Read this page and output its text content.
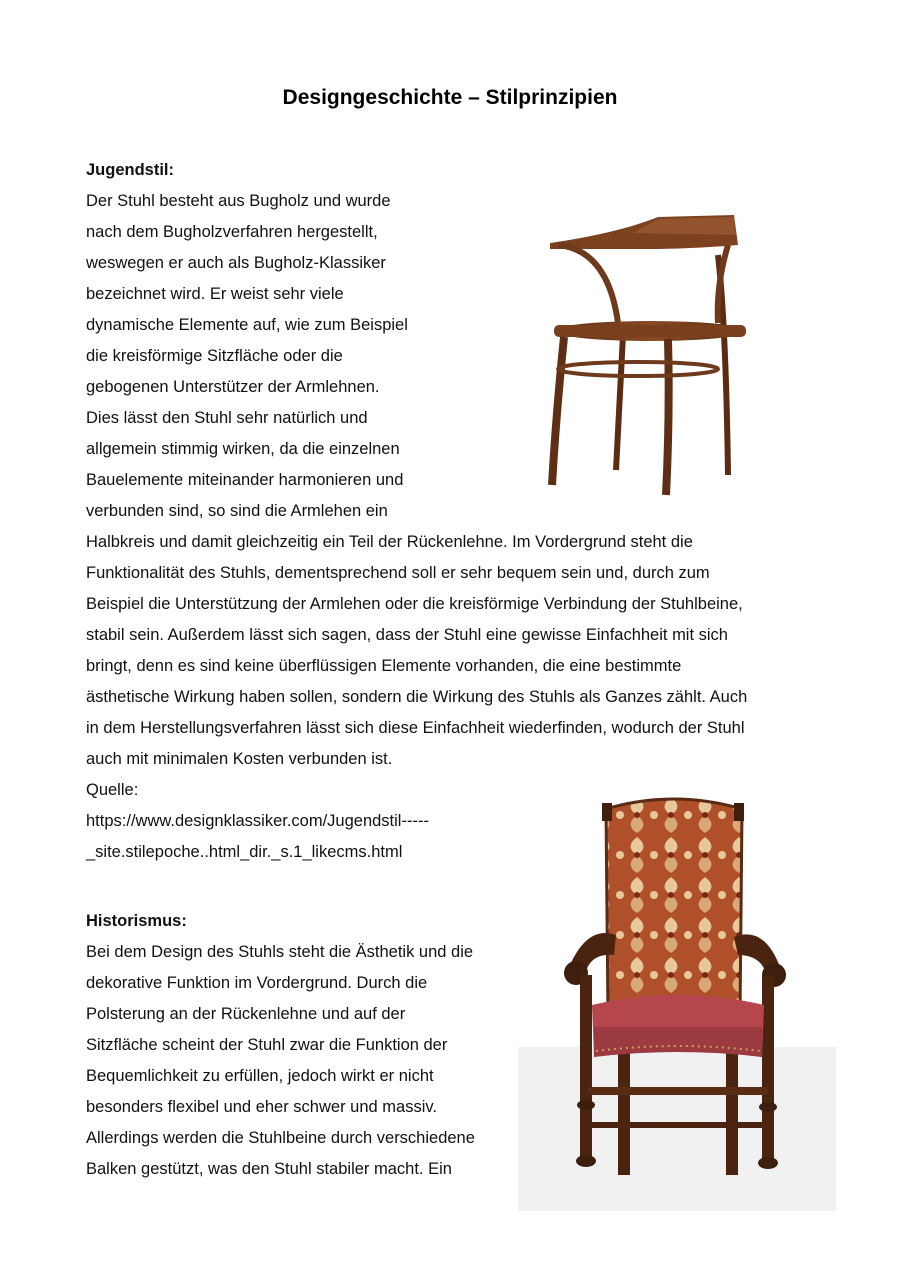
Designgeschichte – Stilprinzipien
Jugendstil:
Der Stuhl besteht aus Bugholz und wurde
nach dem Bugholzverfahren hergestellt,
weswegen er auch als Bugholz-Klassiker
bezeichnet wird. Er weist sehr viele
dynamische Elemente auf, wie zum Beispiel
die kreisförmige Sitzfläche oder die
gebogenen Unterstützer der Armlehnen.
Dies lässt den Stuhl sehr natürlich und
allgemein stimmig wirken, da die einzelnen
Bauelemente miteinander harmonieren und
verbunden sind, so sind die Armlehen ein
Halbkreis und damit gleichzeitig ein Teil der Rückenlehne. Im Vordergrund steht die
Funktionalität des Stuhls, dementsprechend soll er sehr bequem sein und, durch zum
Beispiel die Unterstützung der Armlehen oder die kreisförmige Verbindung der Stuhlbeine,
stabil sein. Außerdem lässt sich sagen, dass der Stuhl eine gewisse Einfachheit mit sich
bringt, denn es sind keine überflüssigen Elemente vorhanden, die eine bestimmte
ästhetische Wirkung haben sollen, sondern die Wirkung des Stuhls als Ganzes zählt. Auch
in dem Herstellungsverfahren lässt sich diese Einfachheit wiederfinden, wodurch der Stuhl
auch mit minimalen Kosten verbunden ist.
Quelle:
https://www.designklassiker.com/Jugendstil-----
_site.stilepoche..html_dir._s.1_likecms.html
Historismus:
Bei dem Design des Stuhls steht die Ästhetik und die
dekorative Funktion im Vordergrund. Durch die
Polsterung an der Rückenlehne und auf der
Sitzfläche scheint der Stuhl zwar die Funktion der
Bequemlichkeit zu erfüllen, jedoch wirkt er nicht
besonders flexibel und eher schwer und massiv.
Allerdings werden die Stuhlbeine durch verschiedene
Balken gestützt, was den Stuhl stabiler macht. Ein
